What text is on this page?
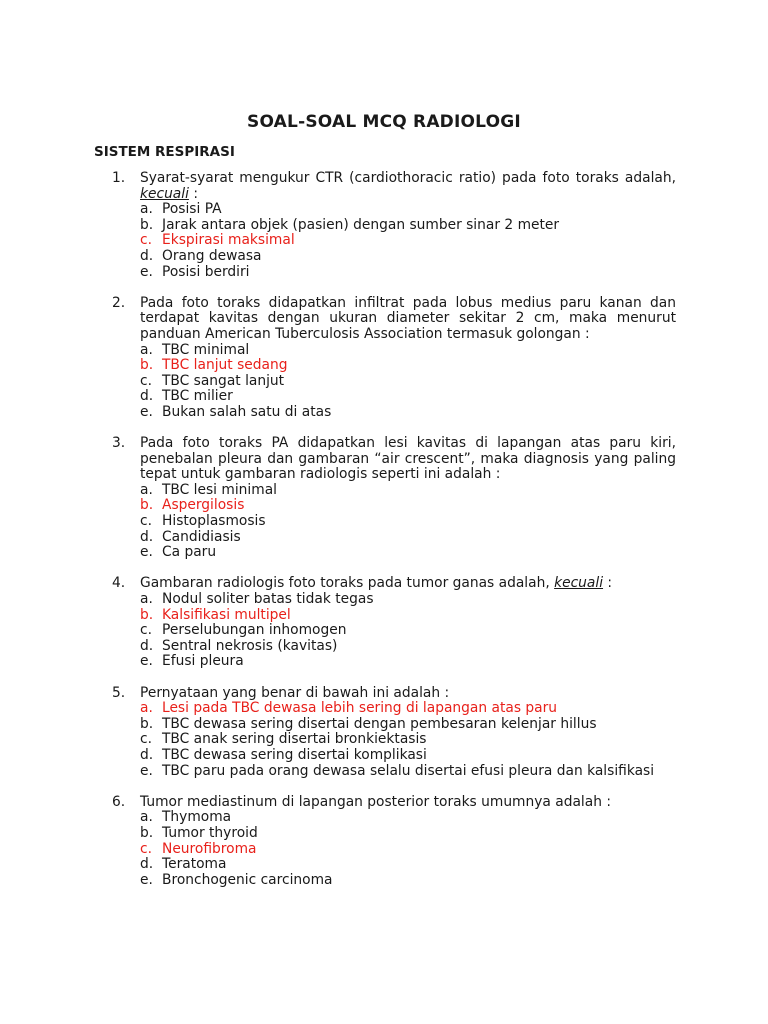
SOAL-SOAL MCQ RADIOLOGI
SISTEM RESPIRASI
1.	Syarat-syarat mengukur CTR (cardiothoracic ratio) pada foto toraks adalah, kecuali :
a. Posisi PA
b. Jarak antara objek (pasien) dengan sumber sinar 2 meter
c. Ekspirasi maksimal
d. Orang dewasa
e. Posisi berdiri
2.	Pada foto toraks didapatkan infiltrat pada lobus medius paru kanan dan terdapat kavitas dengan ukuran diameter sekitar 2 cm, maka menurut panduan American Tuberculosis Association termasuk golongan :
a. TBC minimal
b. TBC lanjut sedang
c. TBC sangat lanjut
d. TBC milier
e. Bukan salah satu di atas
3.	Pada foto toraks PA didapatkan lesi kavitas di lapangan atas paru kiri, penebalan pleura dan gambaran “air crescent”, maka diagnosis yang paling tepat untuk gambaran radiologis seperti ini adalah :
a. TBC lesi minimal
b. Aspergilosis
c. Histoplasmosis
d. Candidiasis
e. Ca paru
4.	Gambaran radiologis foto toraks pada tumor ganas adalah, kecuali :
a. Nodul soliter batas tidak tegas
b. Kalsifikasi multipel
c. Perselubungan inhomogen
d. Sentral nekrosis (kavitas)
e. Efusi pleura
5.	Pernyataan yang benar di bawah ini adalah :
a. Lesi pada TBC dewasa lebih sering di lapangan atas paru
b. TBC dewasa sering disertai dengan pembesaran kelenjar hillus
c. TBC anak sering disertai bronkiektasis
d. TBC dewasa sering disertai komplikasi
e. TBC paru pada orang dewasa selalu disertai efusi pleura dan kalsifikasi
6.	Tumor mediastinum di lapangan posterior toraks umumnya adalah :
a. Thymoma
b. Tumor thyroid
c. Neurofibroma
d. Teratoma
e. Bronchogenic carcinoma
